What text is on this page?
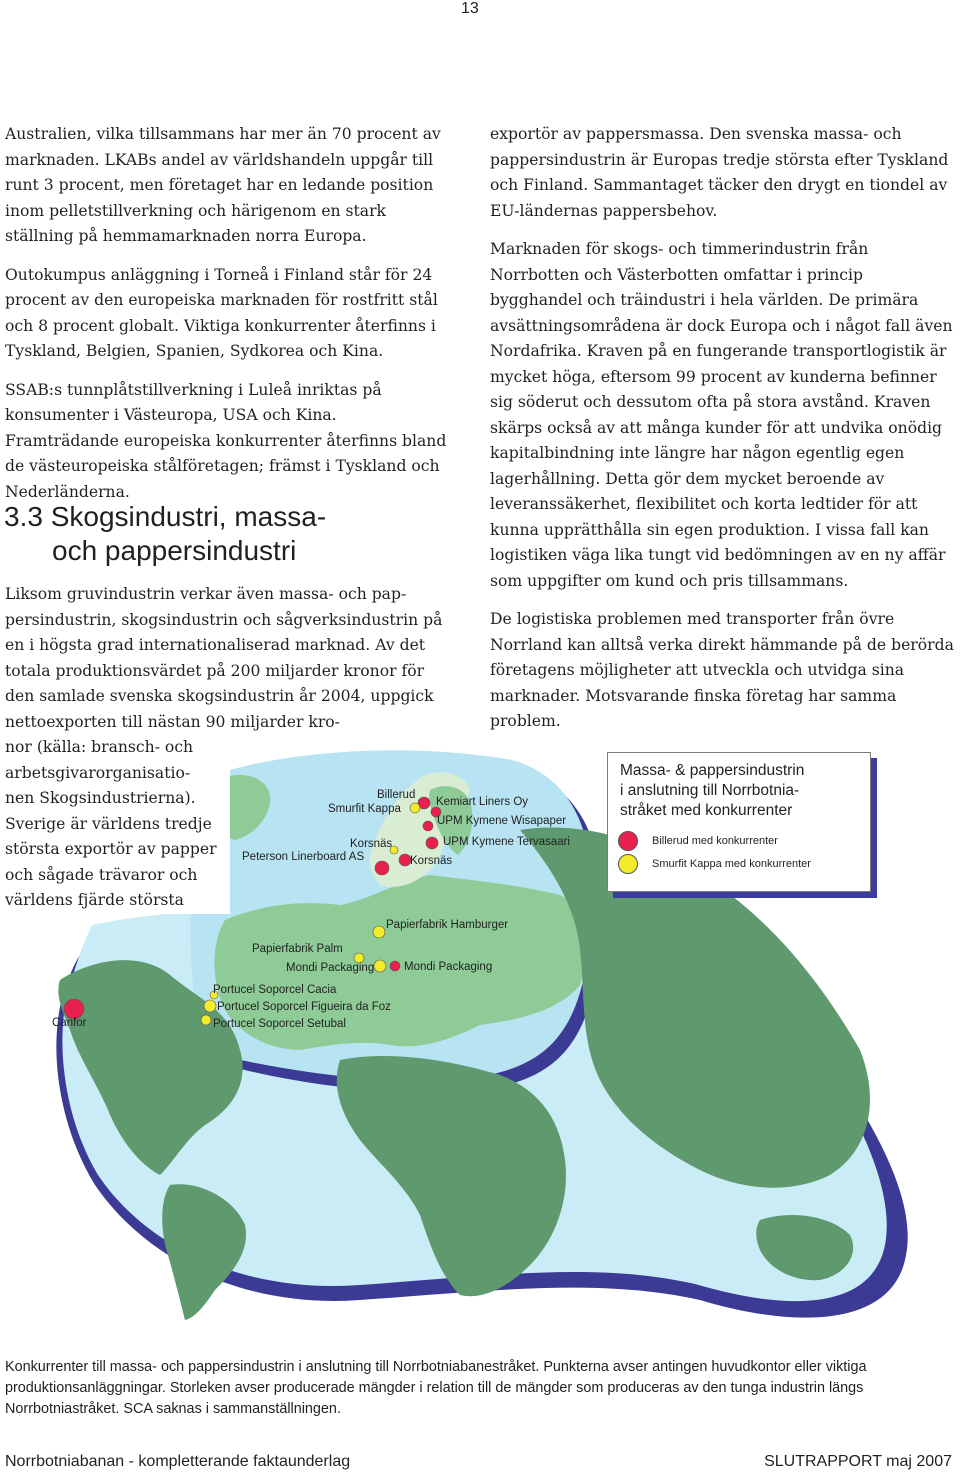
13

Australien, vilka tillsammans har mer än 70 procent av marknaden. LKABs andel av världshandeln uppgår till runt 3 procent, men företaget har en ledande position inom pelletstillverkning och härigenom en stark ställning på hemmamarknaden norra Europa.

Outokumpus anläggning i Torneå i Finland står för 24 procent av den europeiska marknaden för rostfritt stål och 8 procent globalt. Viktiga konkurrenter återfinns i Tyskland, Belgien, Spanien, Sydkorea och Kina.

SSAB:s tunnplåtstillverkning i Luleå inriktas på konsumenter i Västeuropa, USA och Kina. Framträdande europeiska konkurrenter återfinns bland de västeuropeiska stålföretagen; främst i Tyskland och Nederländerna.

3.3 Skogsindustri, massa-
och pappersindustri
Billerud
Smurfit Kappa
Kemiart Liners Oy
UPM Kymene Wisapaper
Korsnäs	UPM Kymene Tervasaari
Peterson Linerboard AS	Korsnäs
Papierfabrik Hamburger
Papierfabrik Palm
Mondi Packaging	Mondi Packaging
Portucel Soporcel Cacia
Portucel Soporcel Figueira da Foz
Portucel Soporcel Setubal
Canfor
Liksom gruvindustrin verkar även massa- och pap-
persindustrin, skogsindustrin och sågverksindustrin på
en i högsta grad internationaliserad marknad. Av det
totala produktionsvärdet på 200 miljarder kronor för
den samlade svenska skogsindustrin år 2004, uppgick
nettoexporten till nästan 90 miljarder kro-
nor (källa: bransch- och
arbetsgivarorganisatio-
nen Skogsindustrierna).
Sverige är världens tredje
största exportör av papper
och sågade trävaror och
världens fjärde största

exportör av pappersmassa. Den svenska massa- och pappersindustrin är Europas tredje största efter Tyskland och Finland. Sammantaget täcker den drygt en tiondel av EU-ländernas pappersbehov.

Marknaden för skogs- och timmerindustrin från Norrbotten och Västerbotten omfattar i princip bygghandel och träindustri i hela världen. De primära avsättningsområdena är dock Europa och i något fall även Nordafrika. Kraven på en fungerande transportlogistik är mycket höga, eftersom 99 procent av kunderna befinner sig söderut och dessutom ofta på stora avstånd. Kraven skärps också av att många kunder för att undvika onödig kapitalbindning inte längre har någon egentlig egen lagerhållning. Detta gör dem mycket beroende av leveranssäkerhet, flexibilitet och korta ledtider för att kunna upprätthålla sin egen produktion. I vissa fall kan logistiken väga lika tungt vid bedömningen av en ny affär som uppgifter om kund och pris tillsammans.

De logistiska problemen med transporter från övre Norrland kan alltså verka direkt hämmande på de berörda företagens möjligheter att utveckla och utvidga sina marknader. Motsvarande finska företag har samma problem.

Massa- & pappersindustrin
i anslutning till Norrbotnia-
stråket med konkurrenter
Billerud med konkurrenter
Smurfit Kappa med konkurrenter
Konkurrenter till massa- och pappersindustrin i anslutning till Norrbotniabanestråket. Punkterna avser antingen huvudkontor eller viktiga produktionsanläggningar. Storleken avser producerade mängder i relation till de mängder som produceras av den tunga industrin längs Norrbotniastråket. SCA saknas i sammanställningen.
Norrbotniabanan - kompletterande faktaunderlag	SLUTRAPPORT maj 2007
